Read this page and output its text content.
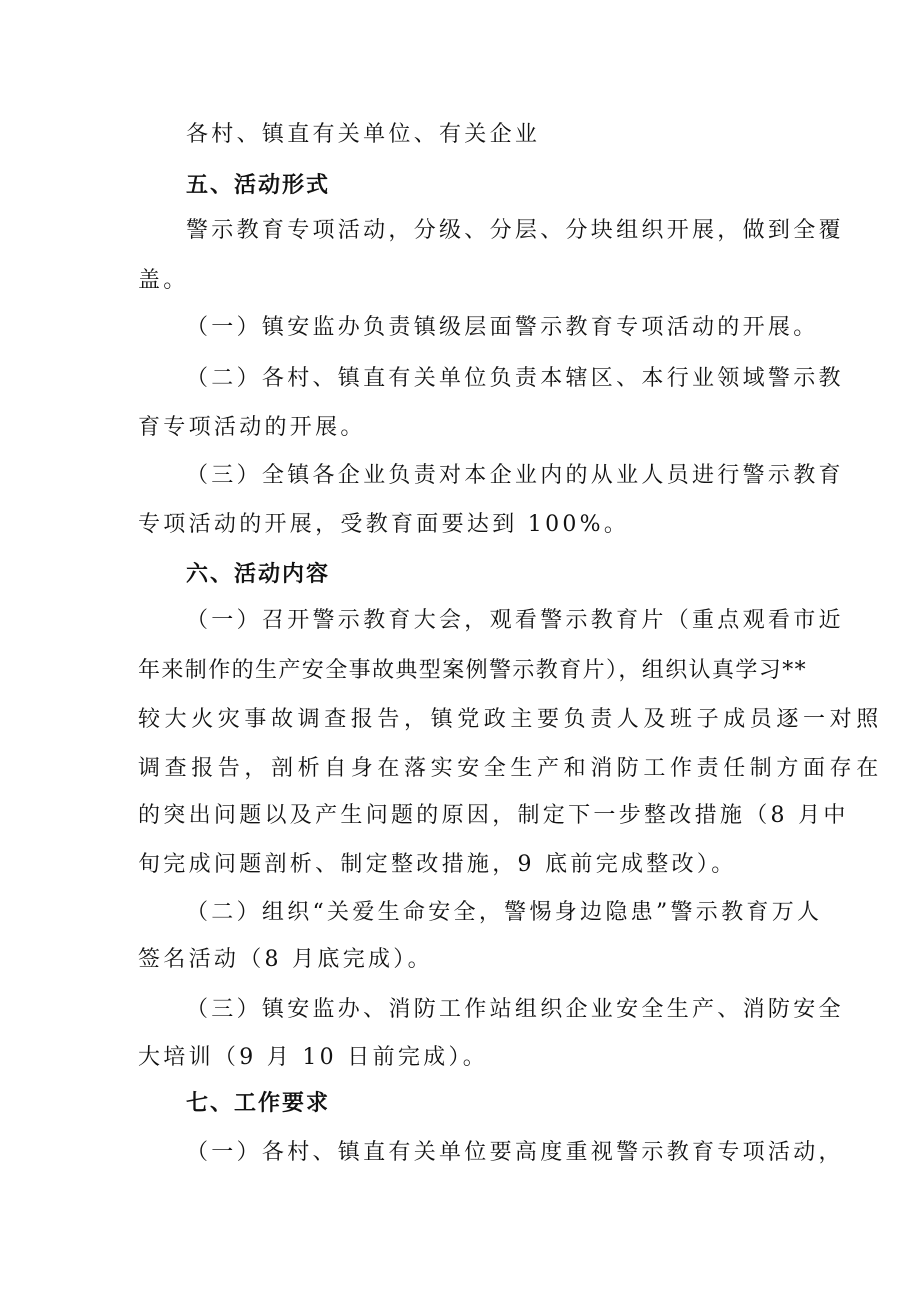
各村、镇直有关单位、有关企业
五、活动形式
警示教育专项活动，分级、分层、分块组织开展，做到全覆
盖。
（一）镇安监办负责镇级层面警示教育专项活动的开展。
（二）各村、镇直有关单位负责本辖区、本行业领域警示教
育专项活动的开展。
（三）全镇各企业负责对本企业内的从业人员进行警示教育
专项活动的开展，受教育面要达到 100%。
六、活动内容
（一）召开警示教育大会，观看警示教育片（重点观看市近
年来制作的生产安全事故典型案例警示教育片），组织认真学习**
较大火灾事故调查报告，镇党政主要负责人及班子成员逐一对照
调查报告，剖析自身在落实安全生产和消防工作责任制方面存在
的突出问题以及产生问题的原因，制定下一步整改措施（8 月中
旬完成问题剖析、制定整改措施，9 底前完成整改）。
（二）组织“关爱生命安全，警惕身边隐患”警示教育万人
签名活动（8 月底完成）。
（三）镇安监办、消防工作站组织企业安全生产、消防安全
大培训（9 月 10 日前完成）。
七、工作要求
（一）各村、镇直有关单位要高度重视警示教育专项活动，
